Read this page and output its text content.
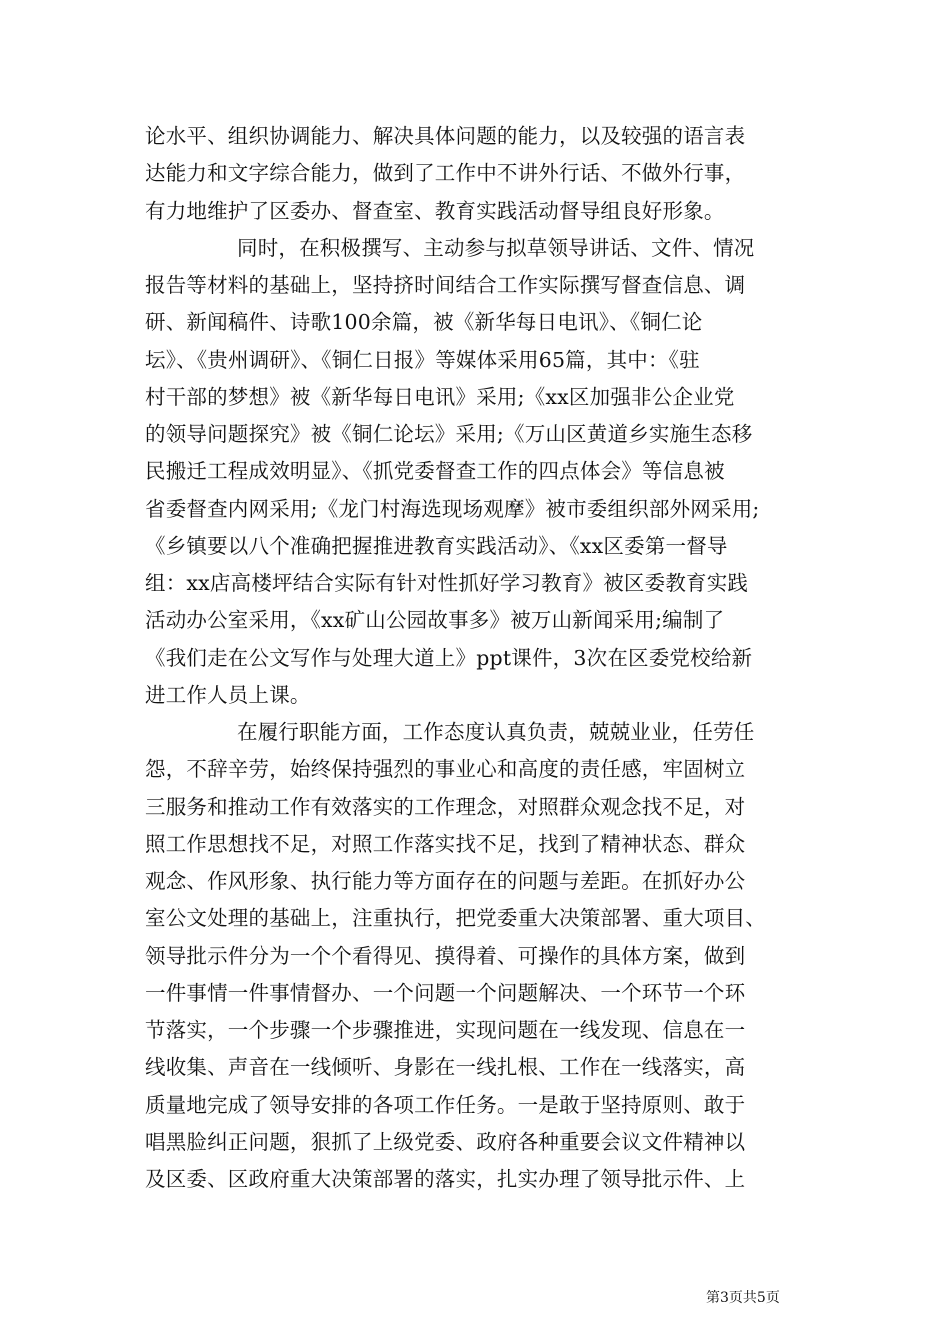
论水平、组织协调能力、解决具体问题的能力，以及较强的语言表
达能力和文字综合能力，做到了工作中不讲外行话、不做外行事，
有力地维护了区委办、督查室、教育实践活动督导组良好形象。
同时，在积极撰写、主动参与拟草领导讲话、文件、情况
报告等材料的基础上，坚持挤时间结合工作实际撰写督查信息、调
研、新闻稿件、诗歌100余篇，被《新华每日电讯》、《铜仁论
坛》、《贵州调研》、《铜仁日报》等媒体采用65篇，其中：《驻
村干部的梦想》被《新华每日电讯》采用;《xx区加强非公企业党
的领导问题探究》被《铜仁论坛》采用;《万山区黄道乡实施生态移
民搬迁工程成效明显》、《抓党委督查工作的四点体会》等信息被
省委督查内网采用;《龙门村海选现场观摩》被市委组织部外网采用;
《乡镇要以八个准确把握推进教育实践活动》、《xx区委第一督导
组：xx店高楼坪结合实际有针对性抓好学习教育》被区委教育实践
活动办公室采用，《xx矿山公园故事多》被万山新闻采用;编制了
《我们走在公文写作与处理大道上》ppt课件，3次在区委党校给新
进工作人员上课。
在履行职能方面，工作态度认真负责，兢兢业业，任劳任
怨，不辞辛劳，始终保持强烈的事业心和高度的责任感，牢固树立
三服务和推动工作有效落实的工作理念，对照群众观念找不足，对
照工作思想找不足，对照工作落实找不足，找到了精神状态、群众
观念、作风形象、执行能力等方面存在的问题与差距。在抓好办公
室公文处理的基础上，注重执行，把党委重大决策部署、重大项目、
领导批示件分为一个个看得见、摸得着、可操作的具体方案，做到
一件事情一件事情督办、一个问题一个问题解决、一个环节一个环
节落实，一个步骤一个步骤推进，实现问题在一线发现、信息在一
线收集、声音在一线倾听、身影在一线扎根、工作在一线落实，高
质量地完成了领导安排的各项工作任务。一是敢于坚持原则、敢于
唱黑脸纠正问题，狠抓了上级党委、政府各种重要会议文件精神以
及区委、区政府重大决策部署的落实，扎实办理了领导批示件、上
第3页共5页
